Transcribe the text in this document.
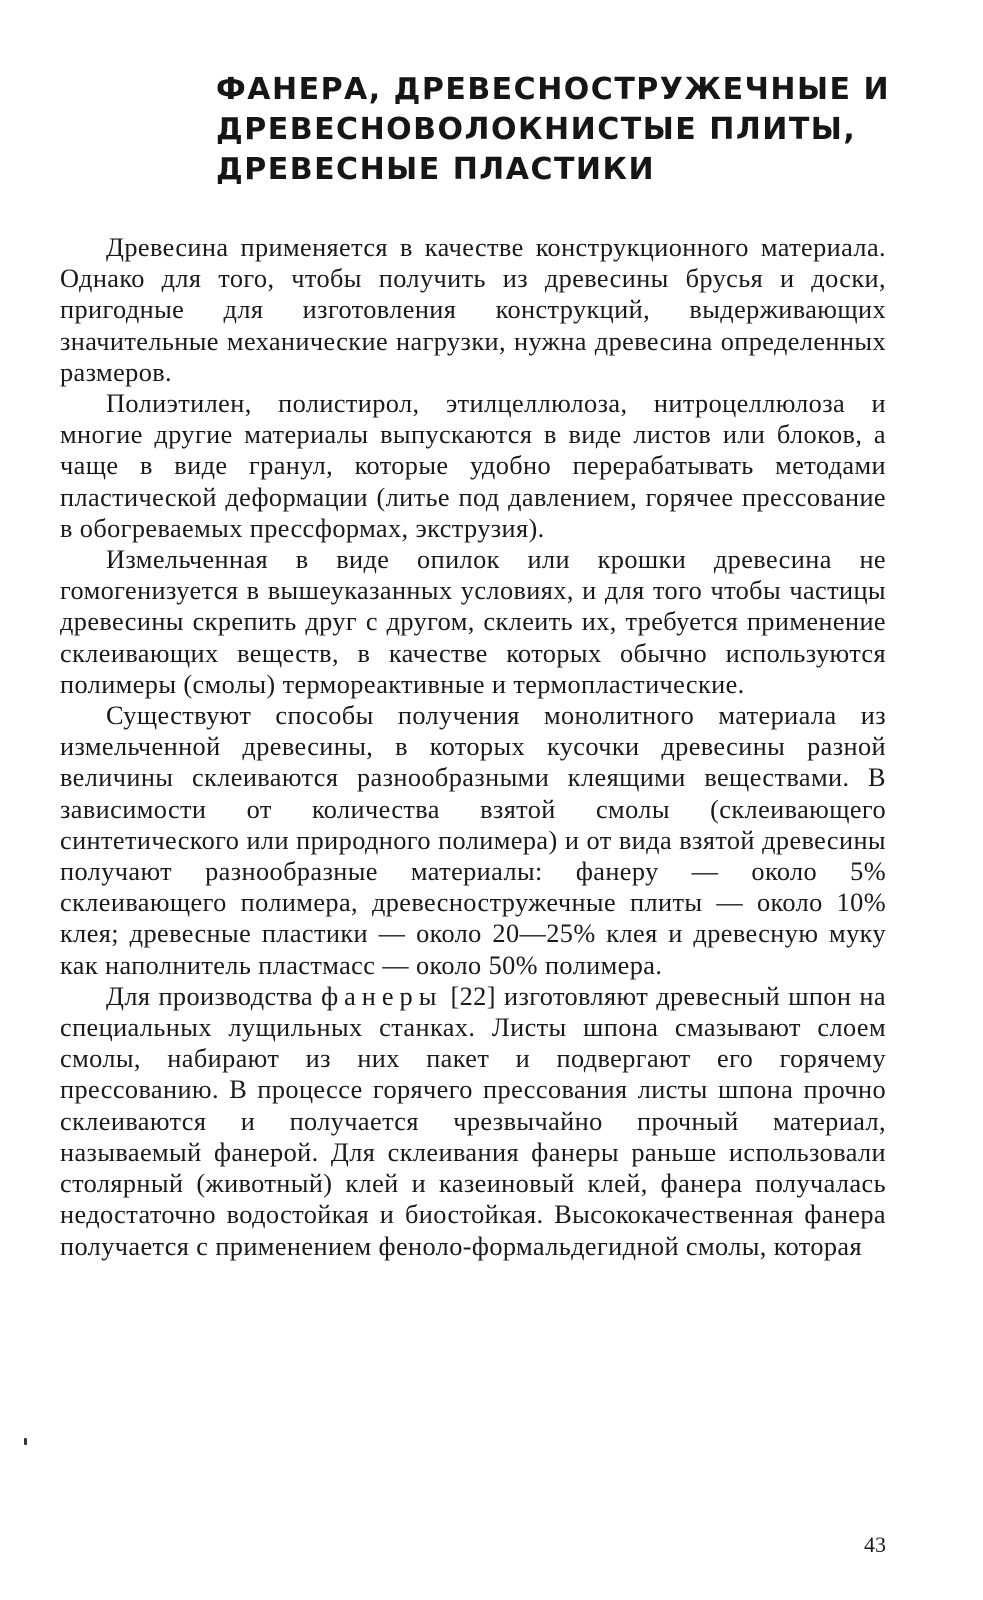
ФАНЕРА, ДРЕВЕСНОСТРУЖЕЧНЫЕ И
ДРЕВЕСНОВОЛОКНИСТЫЕ ПЛИТЫ,
ДРЕВЕСНЫЕ ПЛАСТИКИ

Древесина применяется в качестве конструкционного материала. Однако для того, чтобы получить из древесины брусья и доски, пригодные для изготовления конструкций, выдерживающих значительные механические нагрузки, нужна древесина определенных размеров.

Полиэтилен, полистирол, этилцеллюлоза, нитроцеллюлоза и многие другие материалы выпускаются в виде листов или блоков, а чаще в виде гранул, которые удобно перерабатывать методами пластической деформации (литье под давлением, горячее прессование в обогреваемых прессформах, экструзия).

Измельченная в виде опилок или крошки древесина не гомогенизуется в вышеуказанных условиях, и для того чтобы частицы древесины скрепить друг с другом, склеить их, требуется применение склеивающих веществ, в качестве которых обычно используются полимеры (смолы) термореактивные и термопластические.

Существуют способы получения монолитного материала из измельченной древесины, в которых кусочки древесины разной величины склеиваются разнообразными клеящими веществами. В зависимости от количества взятой смолы (склеивающего синтетического или природного полимера) и от вида взятой древесины получают разнообразные материалы: фанеру — около 5% склеивающего полимера, древесностружечные плиты — около 10% клея; древесные пластики — около 20—25% клея и древесную муку как наполнитель пластмасс — около 50% полимера.

Для производства фанеры [22] изготовляют древесный шпон на специальных лущильных станках. Листы шпона смазывают слоем смолы, набирают из них пакет и подвергают его горячему прессованию. В процессе горячего прессования листы шпона прочно склеиваются и получается чрезвычайно прочный материал, называемый фанерой. Для склеивания фанеры раньше использовали столярный (животный) клей и казеиновый клей, фанера получалась недостаточно водостойкая и биостойкая. Высококачественная фанера получается с применением феноло-формальдегидной смолы, которая

43
